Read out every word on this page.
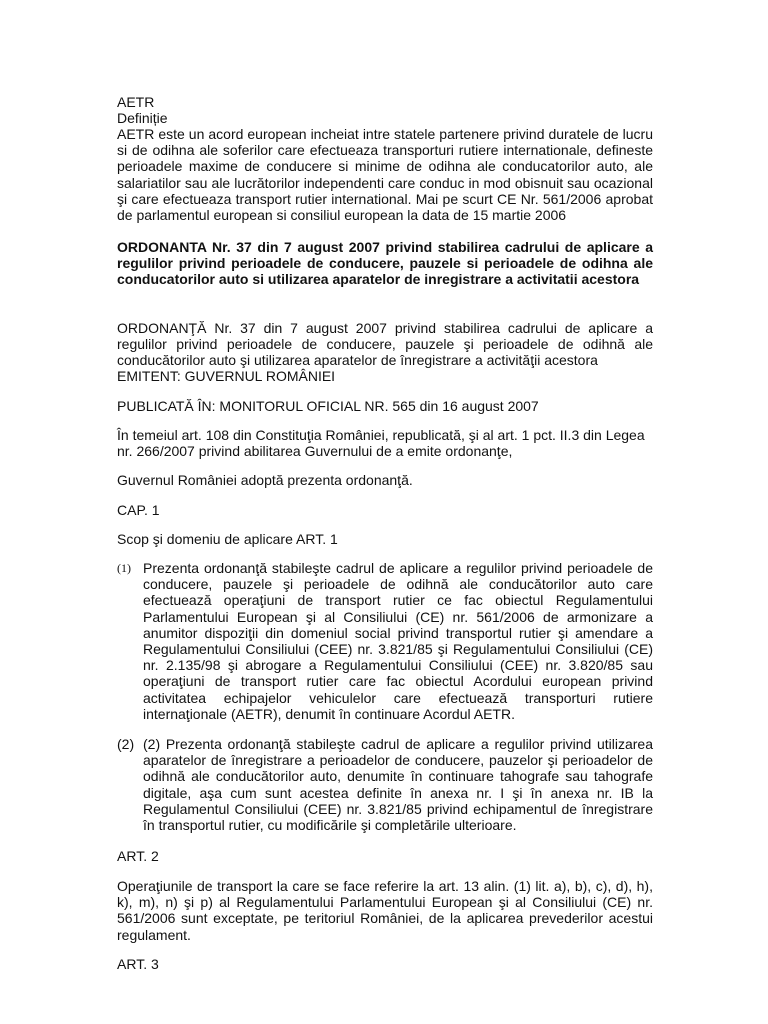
AETR

Definiție

AETR este un acord european incheiat intre statele partenere privind duratele de lucru si de odihna ale soferilor care efectueaza transporturi rutiere internationale, defineste perioadele maxime de conducere si minime de odihna ale conducatorilor auto, ale salariatilor sau ale lucrătorilor independenti care conduc in mod obisnuit sau ocazional şi care efectueaza transport rutier international. Mai pe scurt CE Nr. 561/2006 aprobat de parlamentul european si consiliul european la data de 15 martie 2006

ORDONANTA Nr. 37 din 7 august 2007 privind stabilirea cadrului de aplicare a regulilor privind perioadele de conducere, pauzele si perioadele de odihna ale conducatorilor auto si utilizarea aparatelor de inregistrare a activitatii acestora

ORDONANŢĂ Nr. 37 din 7 august 2007 privind stabilirea cadrului de aplicare a regulilor privind perioadele de conducere, pauzele şi perioadele de odihnă ale conducătorilor auto şi utilizarea aparatelor de înregistrare a activităţii acestora

EMITENT: GUVERNUL ROMÂNIEI

PUBLICATĂ ÎN: MONITORUL OFICIAL NR. 565 din 16 august 2007

În temeiul art. 108 din Constituţia României, republicată, şi al art. 1 pct. II.3 din Legea nr. 266/2007 privind abilitarea Guvernului de a emite ordonanţe,

Guvernul României adoptă prezenta ordonanţă.

CAP. 1

Scop şi domeniu de aplicare ART. 1

(1) Prezenta ordonanţă stabileşte cadrul de aplicare a regulilor privind perioadele de conducere, pauzele şi perioadele de odihnă ale conducătorilor auto care efectuează operaţiuni de transport rutier ce fac obiectul Regulamentului Parlamentului European şi al Consiliului (CE) nr. 561/2006 de armonizare a anumitor dispoziţii din domeniul social privind transportul rutier şi amendare a Regulamentului Consiliului (CEE) nr. 3.821/85 şi Regulamentului Consiliului (CE) nr. 2.135/98 şi abrogare a Regulamentului Consiliului (CEE) nr. 3.820/85 sau operaţiuni de transport rutier care fac obiectul Acordului european privind activitatea echipajelor vehiculelor care efectuează transporturi rutiere internaţionale (AETR), denumit în continuare Acordul AETR.
(2) (2) Prezenta ordonanţă stabileşte cadrul de aplicare a regulilor privind utilizarea aparatelor de înregistrare a perioadelor de conducere, pauzelor şi perioadelor de odihnă ale conducătorilor auto, denumite în continuare tahografe sau tahografe digitale, aşa cum sunt acestea definite în anexa nr. I şi în anexa nr. IB la Regulamentul Consiliului (CEE) nr. 3.821/85 privind echipamentul de înregistrare în transportul rutier, cu modificările şi completările ulterioare.

ART. 2

Operaţiunile de transport la care se face referire la art. 13 alin. (1) lit. a), b), c), d), h), k), m), n) şi p) al Regulamentului Parlamentului European şi al Consiliului (CE) nr. 561/2006 sunt exceptate, pe teritoriul României, de la aplicarea prevederilor acestui regulament.

ART. 3
